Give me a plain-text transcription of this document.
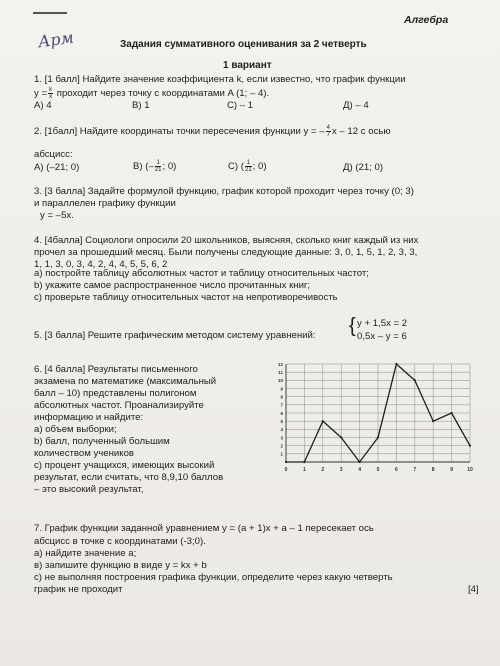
Алгебра
Арм	Задания суммативного оценивания за 2 четверть
1 вариант
1. [1 балл] Найдите значение коэффициента k, если известно, что график функции
$y = \frac{k}{x}$ проходит через точку с координатами A (1; – 4).
A) 4	B) 1	C) – 1	Д) – 4
2. [1балл] Найдите координаты точки пересечения функции y = – $\frac{4}{7}$ x – 12 с осью
абсцисс:
A) (–21; 0)	B) (– $\frac{1}{21}$ ; 0)	C) ( $\frac{1}{21}$ ; 0)	Д) (21; 0)
3. [3 балла] Задайте формулой функцию, график которой проходит через точку (0; 3)
и параллелен графику функции
y = –5x.
4. [4балла] Социологи опросили 20 школьников, выясняя, сколько книг каждый из них
прочел за прошедший месяц. Были получены следующие данные: 3, 0, 1, 5, 1, 2, 3, 3,
1, 1, 3, 0, 3, 4, 2, 4, 4, 5, 5, 6, 2
а) постройте таблицу абсолютных частот и таблицу относительных частот;
b) укажите самое распространенное число прочитанных книг;
с) проверьте таблицу относительных частот на непротиворечивость
5. [3 балла] Решите графическим методом систему уравнений: { y + 1,5x = 2
0,5x – y = 6
6. [4 балла] Результаты письменного
экзамена по математике (максимальный
балл – 10) представлены полигоном
абсолютных частот. Проанализируйте
информацию и найдите:
а) объем выборки;
b) балл, полученный большим
количеством учеников
с) процент учащихся, имеющих высокий
результат, если считать, что 8,9,10 баллов
– это высокий результат,
0	1	2	3	4	5	6	7	8	9	10
1
2
3
4
5
6
7
8
9
10
11
12
7. График функции заданной уравнением y = (a + 1)x + a – 1 пересекает ось
абсцисс в точке с координатами (-3;0).
а) найдите значение а;
в) запишите функцию в виде y = kx + b
с) не выполняя построения графика функции, определите через какую четверть
график не проходит	[4]
